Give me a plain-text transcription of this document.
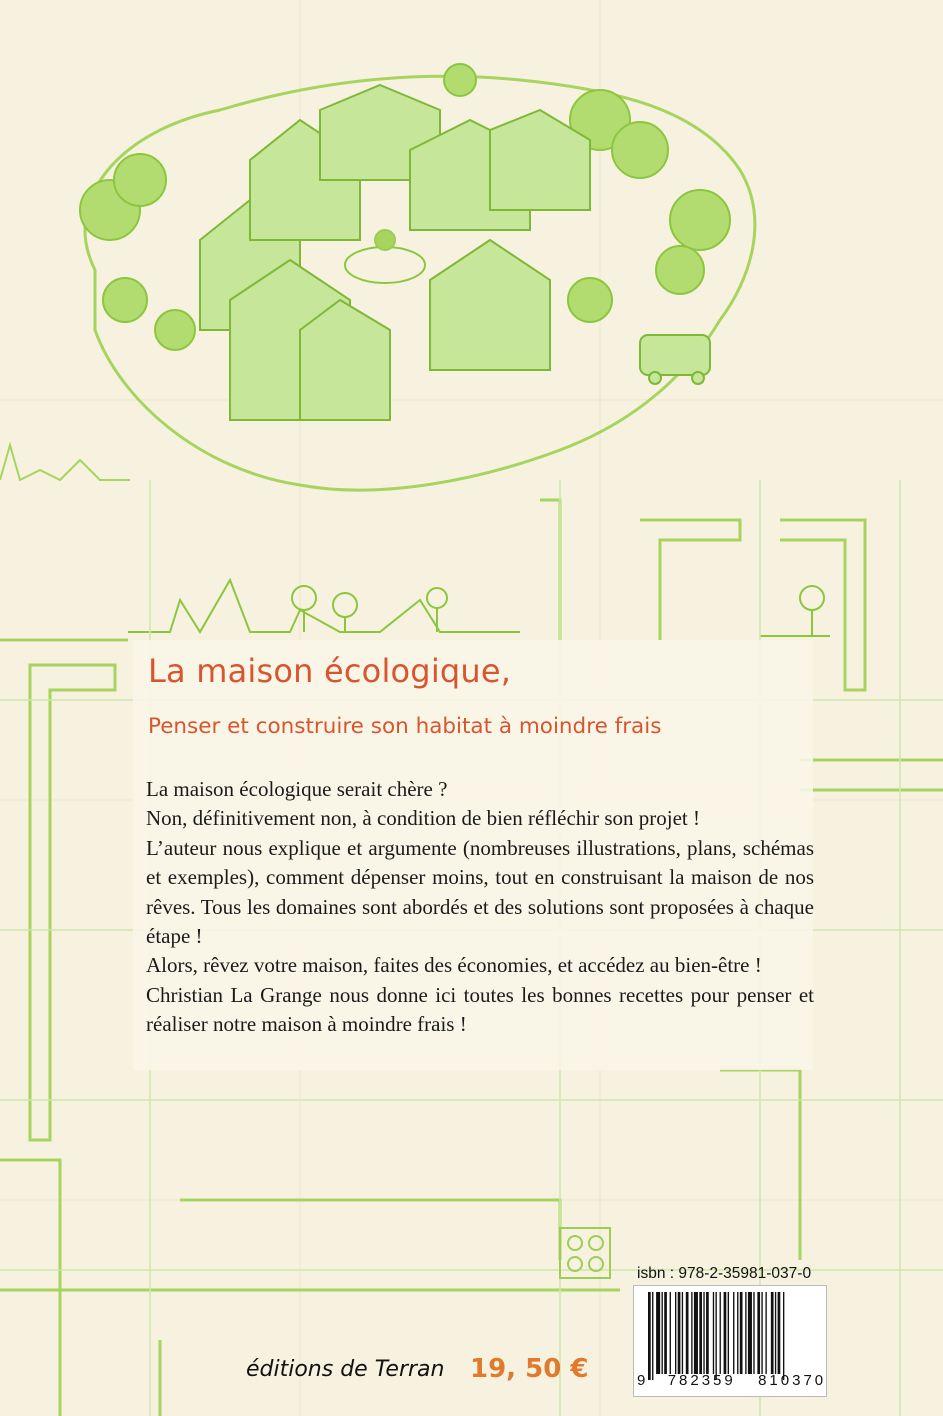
La maison écologique,
Penser et construire son habitat à moindre frais

La maison écologique serait chère ?

Non, définitivement non, à condition de bien réfléchir son projet !

L’auteur nous explique et argumente (nombreuses illustrations, plans, schémas et exemples), comment dépenser moins, tout en construisant la maison de nos rêves. Tous les domaines sont abordés et des solutions sont proposées à chaque étape !

Alors, rêvez votre maison, faites des économies, et accédez au bien-être !

Christian La Grange nous donne ici toutes les bonnes recettes pour penser et réaliser notre maison à moindre frais !

isbn : 978-2-35981-037-0
9 782359 810370
éditions de Terran 19, 50 €
